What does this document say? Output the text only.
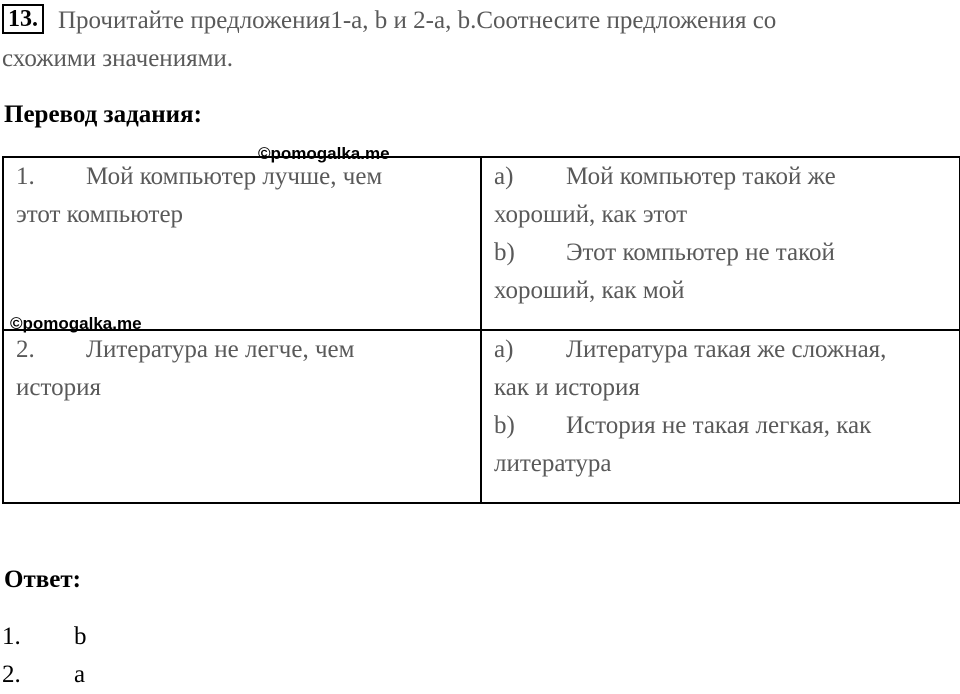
13. Прочитайте предложения1-a, b и 2-a, b.Соотнесите предложения со
схожими значениями.
Перевод задания:
1. Мой компьютер лучше, чем
этот компьютер	a) Мой компьютер такой же
хороший, как этот
b) Этот компьютер не такой
хороший, как мой
2. Литература не легче, чем
история	a) Литература такая же сложная,
как и история
b) История не такая легкая, как
литература
©pomogalka.me
©pomogalka.me
Ответ:
1. b
2. a
